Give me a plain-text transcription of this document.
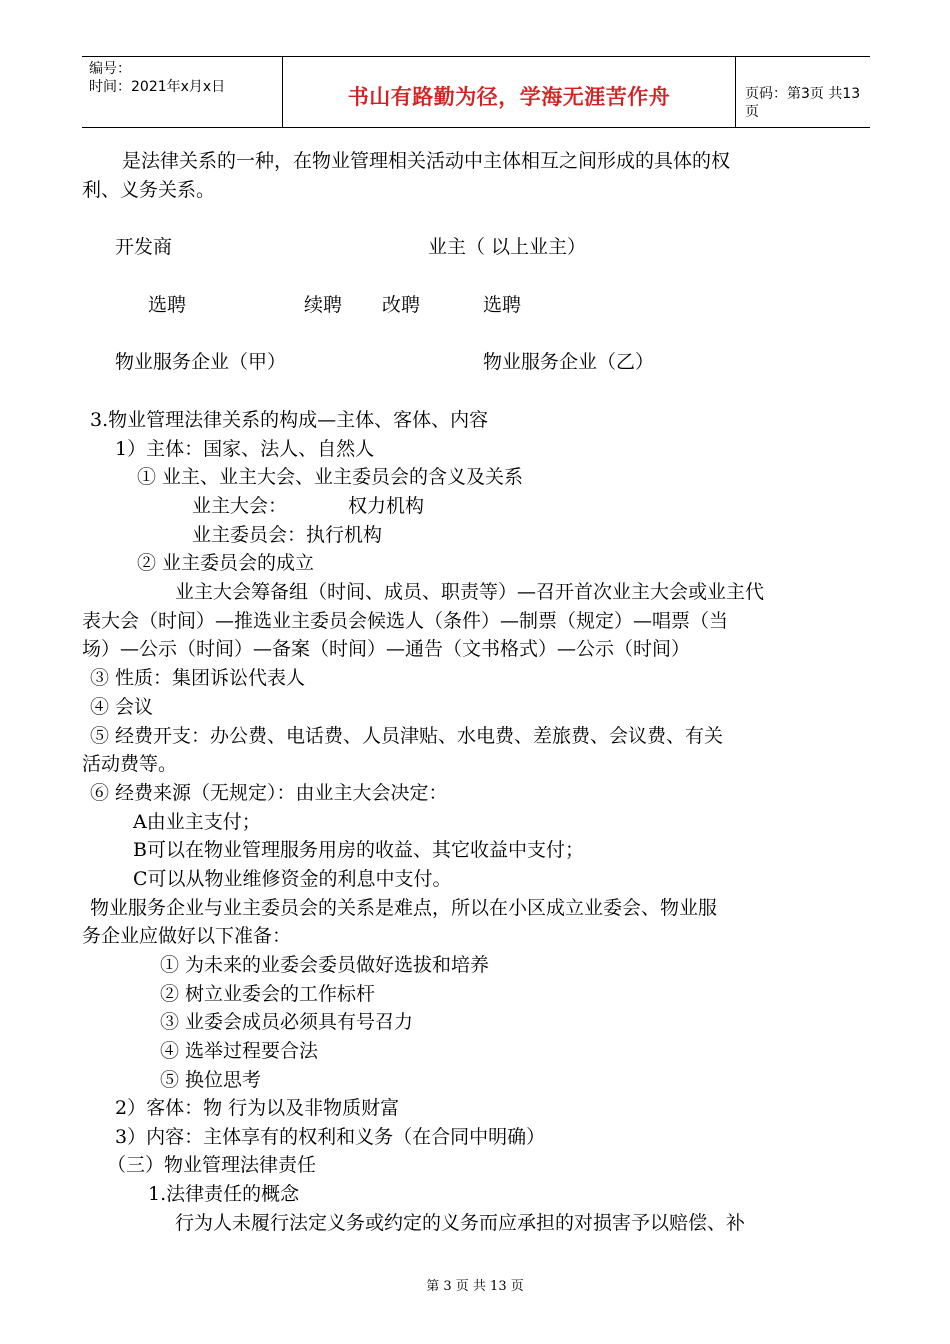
编号：
时间：2021年x月x日	书山有路勤为径，学海无涯苦作舟	页码：第3页 共13页
是法律关系的一种，在物业管理相关活动中主体相互之间形成的具体的权
利、义务关系。
开发商	业主（ 以上业主）
选聘	续聘 改聘	选聘
物业服务企业（甲）	物业服务企业（乙）
3.物业管理法律关系的构成—主体、客体、内容
1）主体：国家、法人、自然人
① 业主、业主大会、业主委员会的含义及关系
业主大会：	权力机构
业主委员会：执行机构
② 业主委员会的成立
业主大会筹备组（时间、成员、职责等）—召开首次业主大会或业主代
表大会（时间）—推选业主委员会候选人（条件）—制票（规定）—唱票（当
场）—公示（时间）—备案（时间）—通告（文书格式）—公示（时间）
③ 性质：集团诉讼代表人
④ 会议
⑤ 经费开支：办公费、电话费、人员津贴、水电费、差旅费、会议费、有关
活动费等。
⑥ 经费来源（无规定）：由业主大会决定：
A由业主支付；
B可以在物业管理服务用房的收益、其它收益中支付；
C可以从物业维修资金的利息中支付。
物业服务企业与业主委员会的关系是难点，所以在小区成立业委会、物业服
务企业应做好以下准备：
① 为未来的业委会委员做好选拔和培养
② 树立业委会的工作标杆
③ 业委会成员必须具有号召力
④ 选举过程要合法
⑤ 换位思考
2）客体：物 行为以及非物质财富
3）内容：主体享有的权利和义务（在合同中明确）
（三）物业管理法律责任
1.法律责任的概念
行为人未履行法定义务或约定的义务而应承担的对损害予以赔偿、补
第 3 页 共 13 页
